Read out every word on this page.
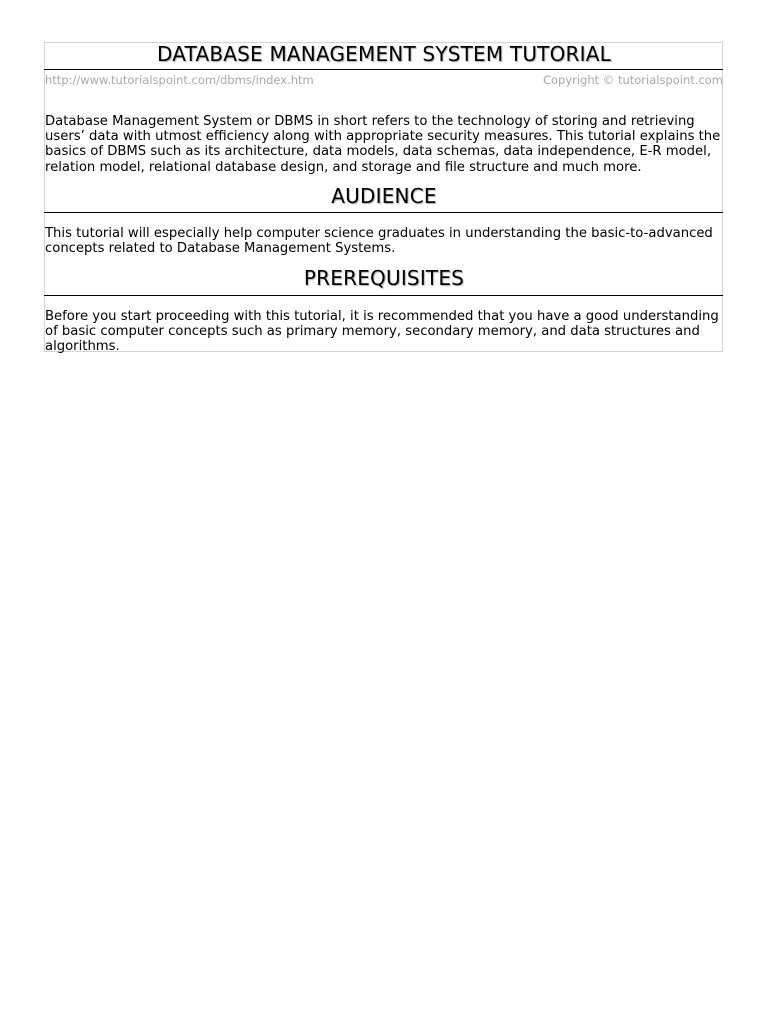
DATABASE MANAGEMENT SYSTEM TUTORIAL
http://www.tutorialspoint.com/dbms/index.htm	Copyright © tutorialspoint.com

Database Management System or DBMS in short refers to the technology of storing and retrieving users’ data with utmost efficiency along with appropriate security measures. This tutorial explains the basics of DBMS such as its architecture, data models, data schemas, data independence, E-R model, relation model, relational database design, and storage and file structure and much more.

AUDIENCE

This tutorial will especially help computer science graduates in understanding the basic-to-advanced concepts related to Database Management Systems.

PREREQUISITES

Before you start proceeding with this tutorial, it is recommended that you have a good understanding of basic computer concepts such as primary memory, secondary memory, and data structures and algorithms.
